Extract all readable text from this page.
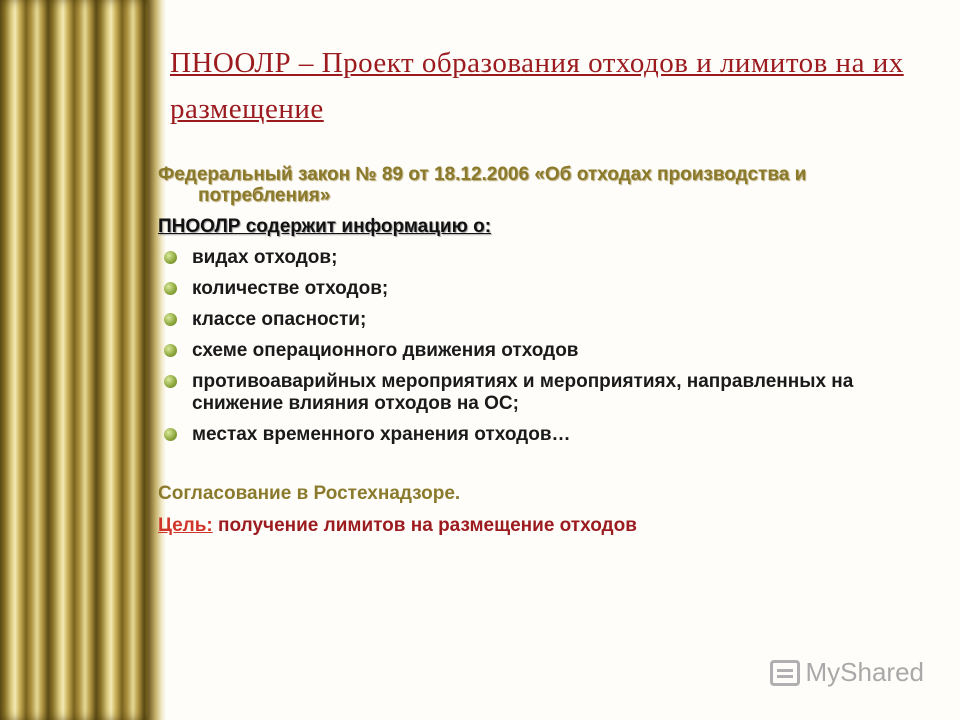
ПНООЛР – Проект образования отходов и лимитов на их размещение

Федеральный закон № 89 от 18.12.2006 «Об отходах производства и потребления»

ПНООЛР содержит информацию о:

видах отходов;
количестве отходов;
классе опасности;
схеме операционного движения отходов
противоаварийных мероприятиях и мероприятиях, направленных на снижение влияния отходов на ОС;
местах временного хранения отходов…

Согласование в Ростехнадзоре.

Цель: получение лимитов на размещение отходов

MyShared
